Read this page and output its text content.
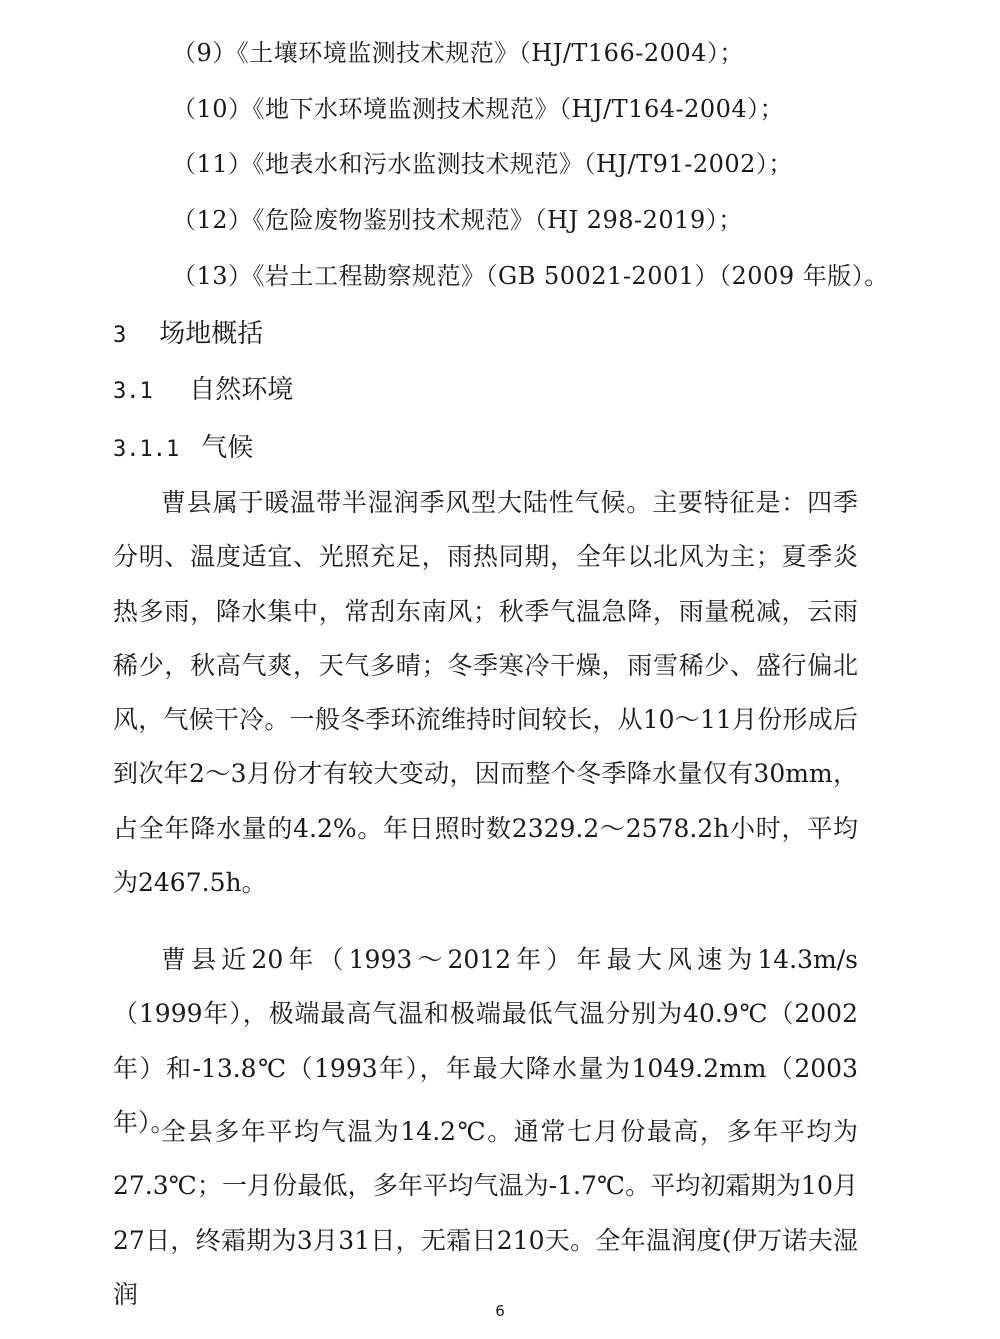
（9）《土壤环境监测技术规范》（HJ/T166-2004）；
（10）《地下水环境监测技术规范》（HJ/T164-2004）；
（11）《地表水和污水监测技术规范》（HJ/T91-2002）；
（12）《危险废物鉴别技术规范》（HJ 298-2019）；
（13）《岩土工程勘察规范》（GB 50021-2001）（2009 年版）。
3 场地概括
3.1 自然环境
3.1.1 气候

曹县属于暖温带半湿润季风型大陆性气候。主要特征是：四季分明、温度适宜、光照充足，雨热同期，全年以北风为主；夏季炎热多雨，降水集中，常刮东南风；秋季气温急降，雨量税减，云雨稀少，秋高气爽，天气多晴；冬季寒冷干燥，雨雪稀少、盛行偏北风，气候干冷。一般冬季环流维持时间较长，从10～11月份形成后到次年2～3月份才有较大变动，因而整个冬季降水量仅有30mm，占全年降水量的4.2%。年日照时数2329.2～2578.2h小时，平均为2467.5h。

曹县近20年（1993～2012年）年最大风速为14.3m/s（1999年），极端最高气温和极端最低气温分别为40.9℃（2002年）和-13.8℃（1993年），年最大降水量为1049.2mm（2003年）。

全县多年平均气温为14.2℃。通常七月份最高，多年平均为27.3℃；一月份最低，多年平均气温为-1.7℃。平均初霜期为10月27日，终霜期为3月31日，无霜日210天。全年温润度(伊万诺夫湿润

6
